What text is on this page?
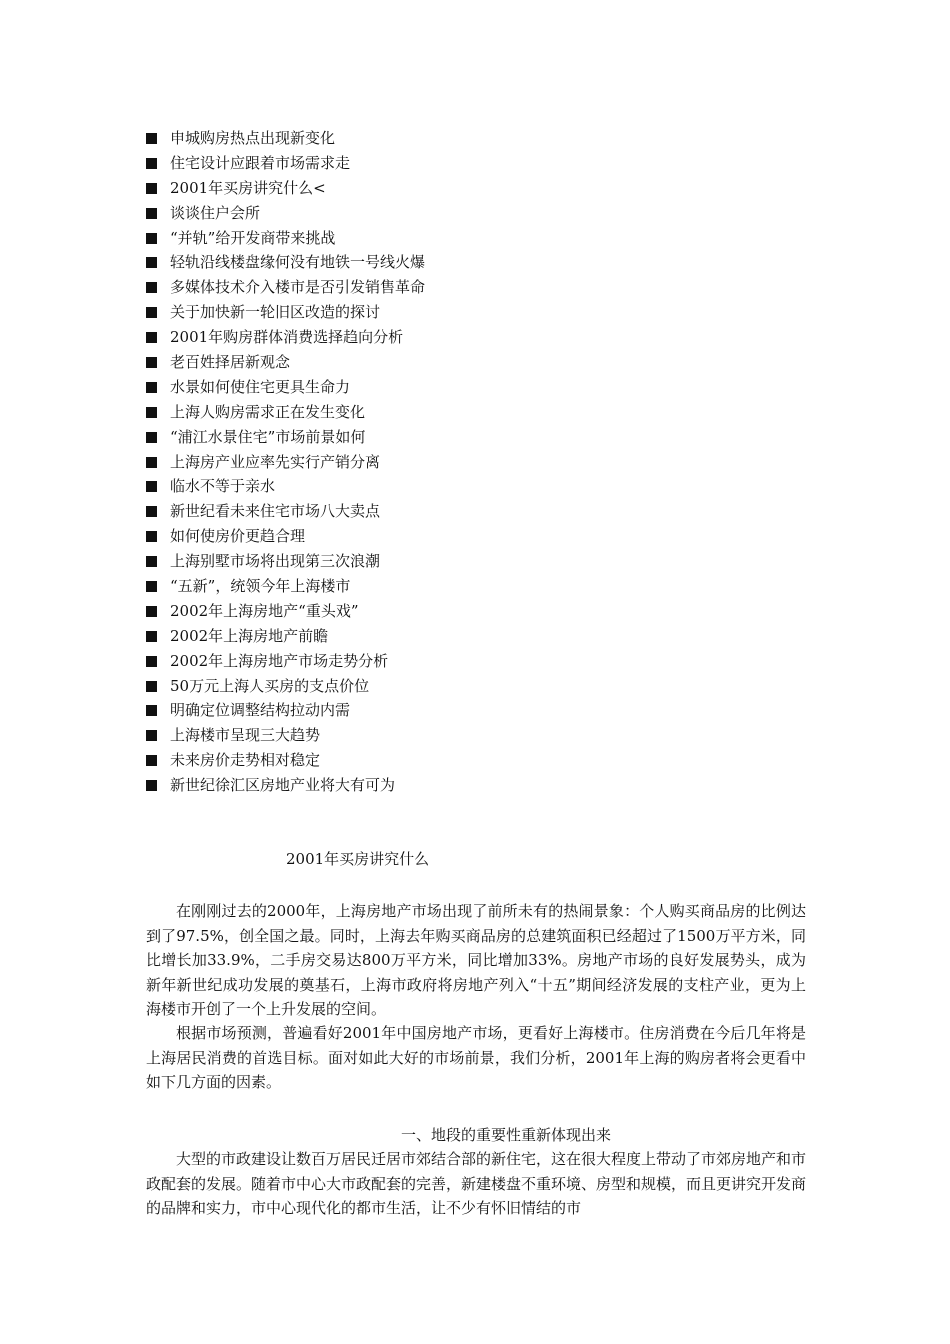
申城购房热点出现新变化
住宅设计应跟着市场需求走
2001年买房讲究什么<
谈谈住户会所
“并轨”给开发商带来挑战
轻轨沿线楼盘缘何没有地铁一号线火爆
多媒体技术介入楼市是否引发销售革命
关于加快新一轮旧区改造的探讨
2001年购房群体消费选择趋向分析
老百姓择居新观念
水景如何使住宅更具生命力
上海人购房需求正在发生变化
“浦江水景住宅”市场前景如何
上海房产业应率先实行产销分离
临水不等于亲水
新世纪看未来住宅市场八大卖点
如何使房价更趋合理
上海别墅市场将出现第三次浪潮
“五新”，统领今年上海楼市
2002年上海房地产“重头戏”
2002年上海房地产前瞻
2002年上海房地产市场走势分析
50万元上海人买房的支点价位
明确定位调整结构拉动内需
上海楼市呈现三大趋势
未来房价走势相对稳定
新世纪徐汇区房地产业将大有可为
2001年买房讲究什么

在刚刚过去的2000年，上海房地产市场出现了前所未有的热闹景象：个人购买商品房的比例达到了97.5%，创全国之最。同时，上海去年购买商品房的总建筑面积已经超过了1500万平方米，同比增长加33.9%，二手房交易达800万平方米，同比增加33%。房地产市场的良好发展势头，成为新年新世纪成功发展的奠基石，上海市政府将房地产列入“十五”期间经济发展的支柱产业，更为上海楼市开创了一个上升发展的空间。

根据市场预测，普遍看好2001年中国房地产市场，更看好上海楼市。住房消费在今后几年将是上海居民消费的首选目标。面对如此大好的市场前景，我们分析，2001年上海的购房者将会更看中如下几方面的因素。

一、地段的重要性重新体现出来

大型的市政建设让数百万居民迁居市郊结合部的新住宅，这在很大程度上带动了市郊房地产和市政配套的发展。随着市中心大市政配套的完善，新建楼盘不重环境、房型和规模，而且更讲究开发商的品牌和实力，市中心现代化的都市生活，让不少有怀旧情结的市
